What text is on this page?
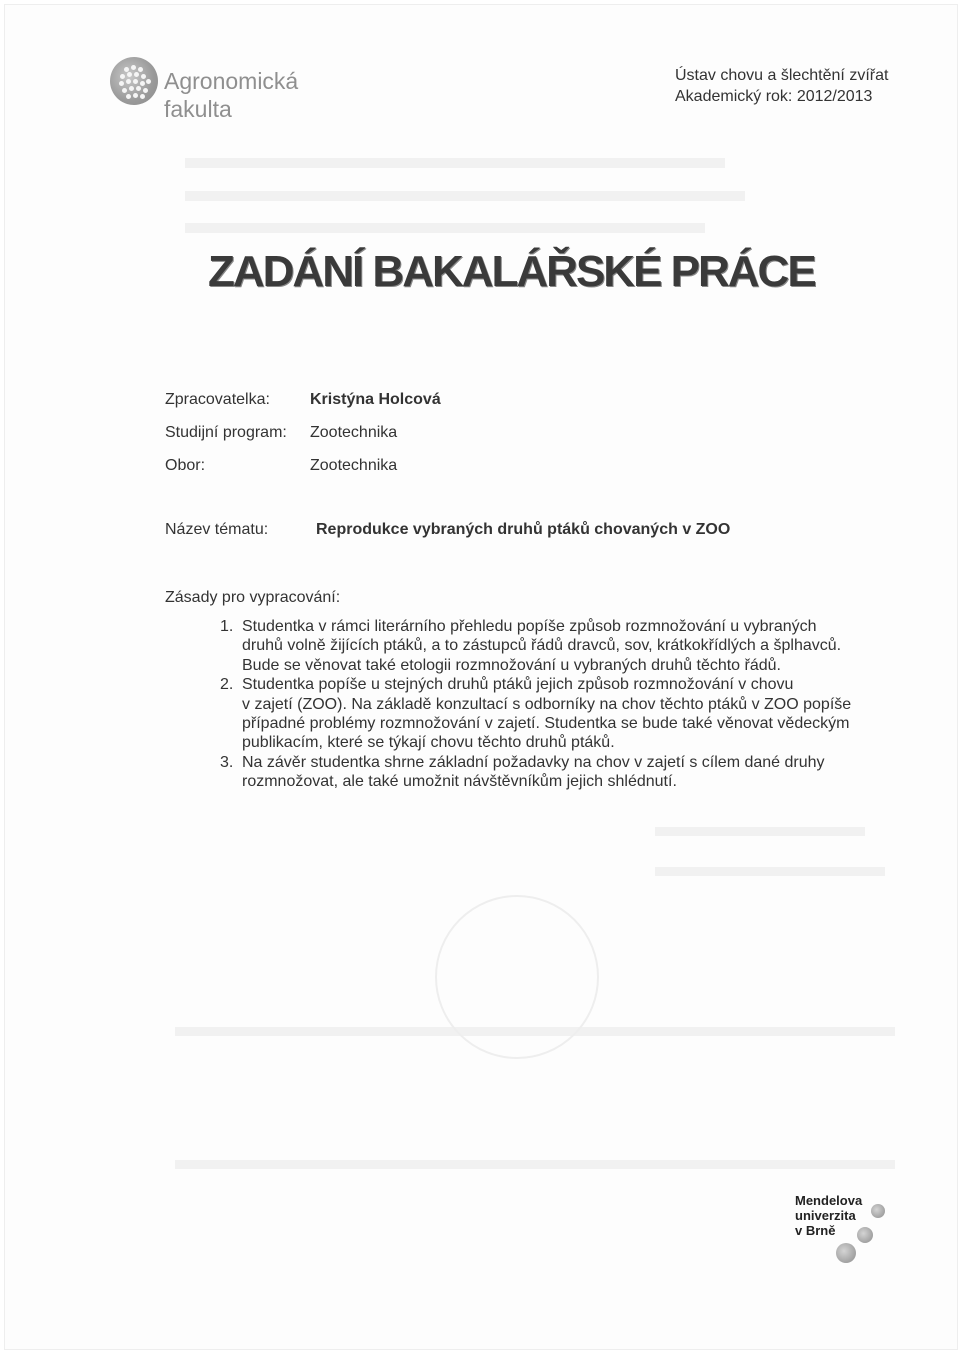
Agronomická
fakulta
Ústav chovu a šlechtění zvířat
Akademický rok: 2012/2013
ZADÁNÍ BAKALÁŘSKÉ PRÁCE
Zpracovatelka:	Kristýna Holcová
Studijní program: Zootechnika
Obor:	Zootechnika
Název tématu:	Reprodukce vybraných druhů ptáků chovaných v ZOO
Zásady pro vypracování:
1. Studentka v rámci literárního přehledu popíše způsob rozmnožování u vybraných
druhů volně žijících ptáků, a to zástupců řádů dravců, sov, krátkokřídlých a šplhavců.
Bude se věnovat také etologii rozmnožování u vybraných druhů těchto řádů.
2. Studentka popíše u stejných druhů ptáků jejich způsob rozmnožování v chovu
v zajetí (ZOO). Na základě konzultací s odborníky na chov těchto ptáků v ZOO popíše
případné problémy rozmnožování v zajetí. Studentka se bude také věnovat vědeckým
publikacím, které se týkají chovu těchto druhů ptáků.
3. Na závěr studentka shrne základní požadavky na chov v zajetí s cílem dané druhy
rozmnožovat, ale také umožnit návštěvníkům jejich shlédnutí.
Mendelova
univerzita
v Brně
